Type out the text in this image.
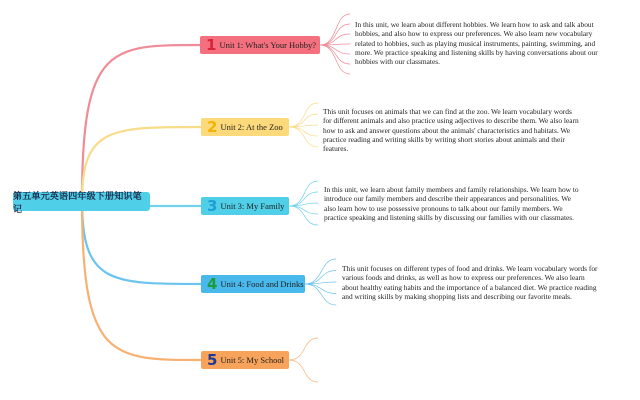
第五单元英语四年级下册知识笔记
1 Unit 1: What's Your Hobby?
2 Unit 2: At the Zoo
3 Unit 3: My Family
4 Unit 4: Food and Drinks
5 Unit 5: My School
In this unit, we learn about different hobbies. We learn how to ask and talk about hobbies, and also how to express our preferences. We also learn new vocabulary related to hobbies, such as playing musical instruments, painting, swimming, and more. We practice speaking and listening skills by having conversations about our hobbies with our classmates.
This unit focuses on animals that we can find at the zoo. We learn vocabulary words for different animals and also practice using adjectives to describe them. We also learn how to ask and answer questions about the animals' characteristics and habitats. We practice reading and writing skills by writing short stories about animals and their features.
In this unit, we learn about family members and family relationships. We learn how to introduce our family members and describe their appearances and personalities. We also learn how to use possessive pronouns to talk about our family members. We practice speaking and listening skills by discussing our families with our classmates.
This unit focuses on different types of food and drinks. We learn vocabulary words for various foods and drinks, as well as how to express our preferences. We also learn about healthy eating habits and the importance of a balanced diet. We practice reading and writing skills by making shopping lists and describing our favorite meals.
